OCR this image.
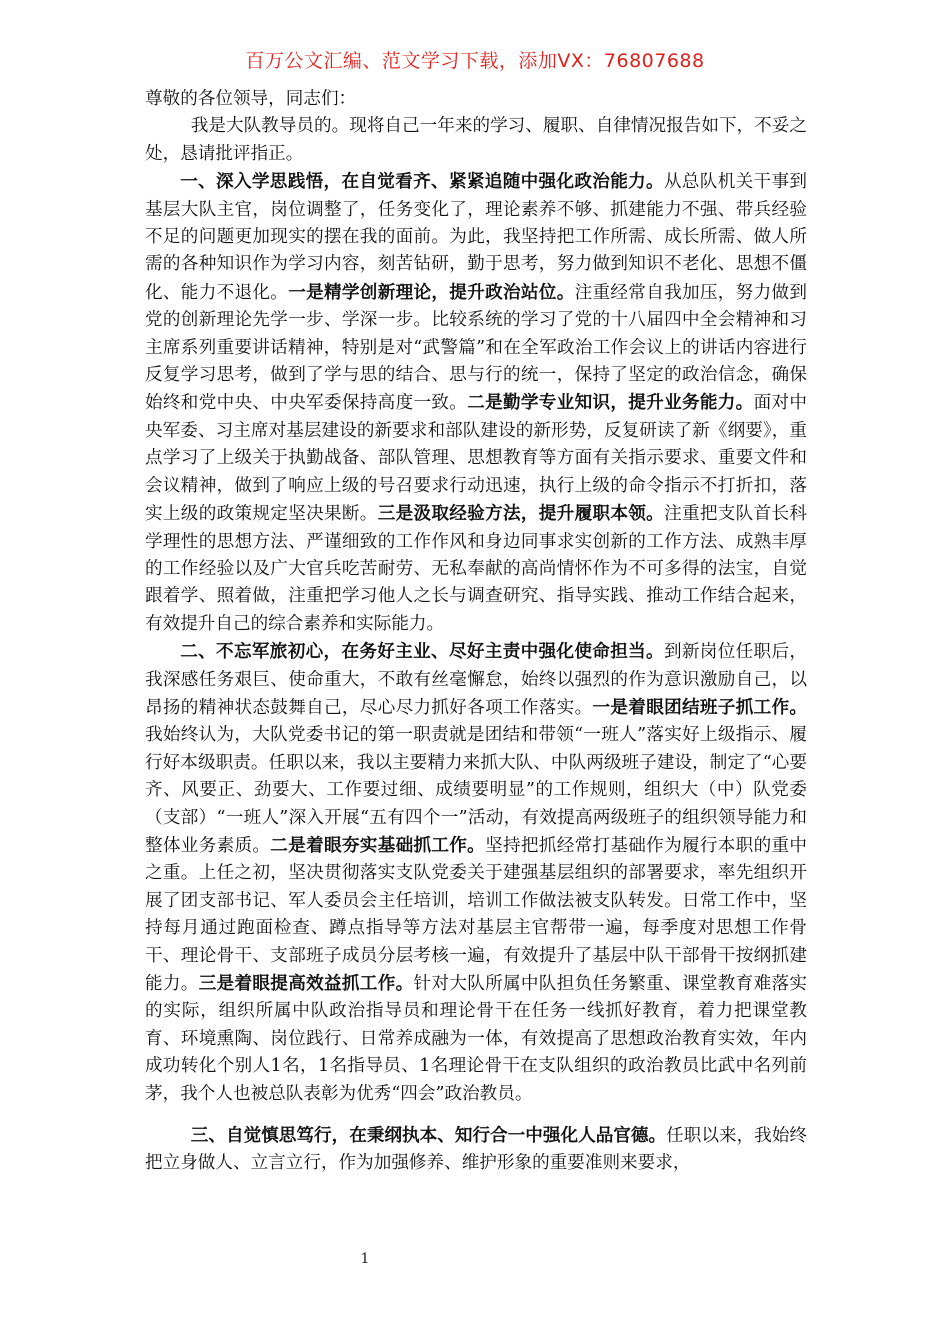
百万公文汇编、范文学习下载，添加VX：76807688

尊敬的各位领导，同志们：

我是大队教导员的。现将自己一年来的学习、履职、自律情况报告如下，不妥之处，恳请批评指正。

一、深入学思践悟，在自觉看齐、紧紧追随中强化政治能力。从总队机关干事到基层大队主官，岗位调整了，任务变化了，理论素养不够、抓建能力不强、带兵经验不足的问题更加现实的摆在我的面前。为此，我坚持把工作所需、成长所需、做人所需的各种知识作为学习内容，刻苦钻研，勤于思考，努力做到知识不老化、思想不僵化、能力不退化。一是精学创新理论，提升政治站位。注重经常自我加压，努力做到党的创新理论先学一步、学深一步。比较系统的学习了党的十八届四中全会精神和习主席系列重要讲话精神，特别是对“武警篇”和在全军政治工作会议上的讲话内容进行反复学习思考，做到了学与思的结合、思与行的统一，保持了坚定的政治信念，确保始终和党中央、中央军委保持高度一致。二是勤学专业知识，提升业务能力。面对中央军委、习主席对基层建设的新要求和部队建设的新形势，反复研读了新《纲要》，重点学习了上级关于执勤战备、部队管理、思想教育等方面有关指示要求、重要文件和会议精神，做到了响应上级的号召要求行动迅速，执行上级的命令指示不打折扣，落实上级的政策规定坚决果断。三是汲取经验方法，提升履职本领。注重把支队首长科学理性的思想方法、严谨细致的工作作风和身边同事求实创新的工作方法、成熟丰厚的工作经验以及广大官兵吃苦耐劳、无私奉献的高尚情怀作为不可多得的法宝，自觉跟着学、照着做，注重把学习他人之长与调查研究、指导实践、推动工作结合起来，有效提升自己的综合素养和实际能力。

二、不忘军旅初心，在务好主业、尽好主责中强化使命担当。到新岗位任职后，我深感任务艰巨、使命重大，不敢有丝毫懈怠，始终以强烈的作为意识激励自己，以昂扬的精神状态鼓舞自己，尽心尽力抓好各项工作落实。一是着眼团结班子抓工作。我始终认为，大队党委书记的第一职责就是团结和带领“一班人”落实好上级指示、履行好本级职责。任职以来，我以主要精力来抓大队、中队两级班子建设，制定了“心要齐、风要正、劲要大、工作要过细、成绩要明显”的工作规则，组织大（中）队党委（支部）“一班人”深入开展“五有四个一”活动，有效提高两级班子的组织领导能力和整体业务素质。二是着眼夯实基础抓工作。坚持把抓经常打基础作为履行本职的重中之重。上任之初，坚决贯彻落实支队党委关于建强基层组织的部署要求，率先组织开展了团支部书记、军人委员会主任培训，培训工作做法被支队转发。日常工作中，坚持每月通过跑面检查、蹲点指导等方法对基层主官帮带一遍，每季度对思想工作骨干、理论骨干、支部班子成员分层考核一遍，有效提升了基层中队干部骨干按纲抓建能力。三是着眼提高效益抓工作。针对大队所属中队担负任务繁重、课堂教育难落实的实际，组织所属中队政治指导员和理论骨干在任务一线抓好教育，着力把课堂教育、环境熏陶、岗位践行、日常养成融为一体，有效提高了思想政治教育实效，年内成功转化个别人1名，1名指导员、1名理论骨干在支队组织的政治教员比武中名列前茅，我个人也被总队表彰为优秀“四会”政治教员。

三、自觉慎思笃行，在秉纲执本、知行合一中强化人品官德。任职以来，我始终把立身做人、立言立行，作为加强修养、维护形象的重要准则来要求，

1
